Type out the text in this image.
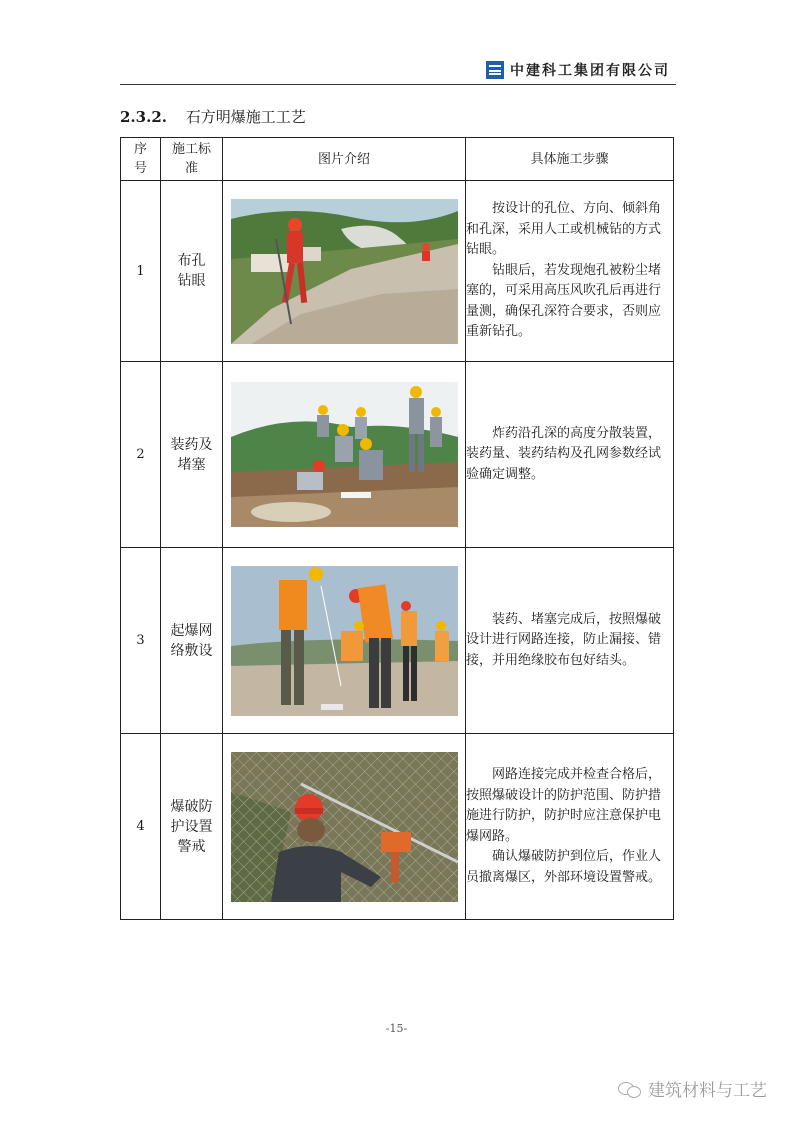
中建科工集团有限公司
2.3.2. 石方明爆施工工艺
序号	施工标准	图片介绍	具体施工步骤
1	布孔钻眼		按设计的孔位、方向、倾斜角和孔深，采用人工或机械钻的方式钻眼。

钻眼后，若发现炮孔被粉尘堵塞的，可采用高压风吹孔后再进行量测，确保孔深符合要求，否则应重新钻孔。

2	装药及堵塞		炸药沿孔深的高度分散装置，装药量、装药结构及孔网参数经试验确定调整。

3	起爆网络敷设		装药、堵塞完成后，按照爆破设计进行网路连接，防止漏接、错接，并用绝缘胶布包好结头。

4	爆破防护设置警戒		网路连接完成并检查合格后，按照爆破设计的防护范围、防护措施进行防护，防护时应注意保护电爆网路。

确认爆破防护到位后，作业人员撤离爆区，外部环境设置警戒。

-15-
建筑材料与工艺
